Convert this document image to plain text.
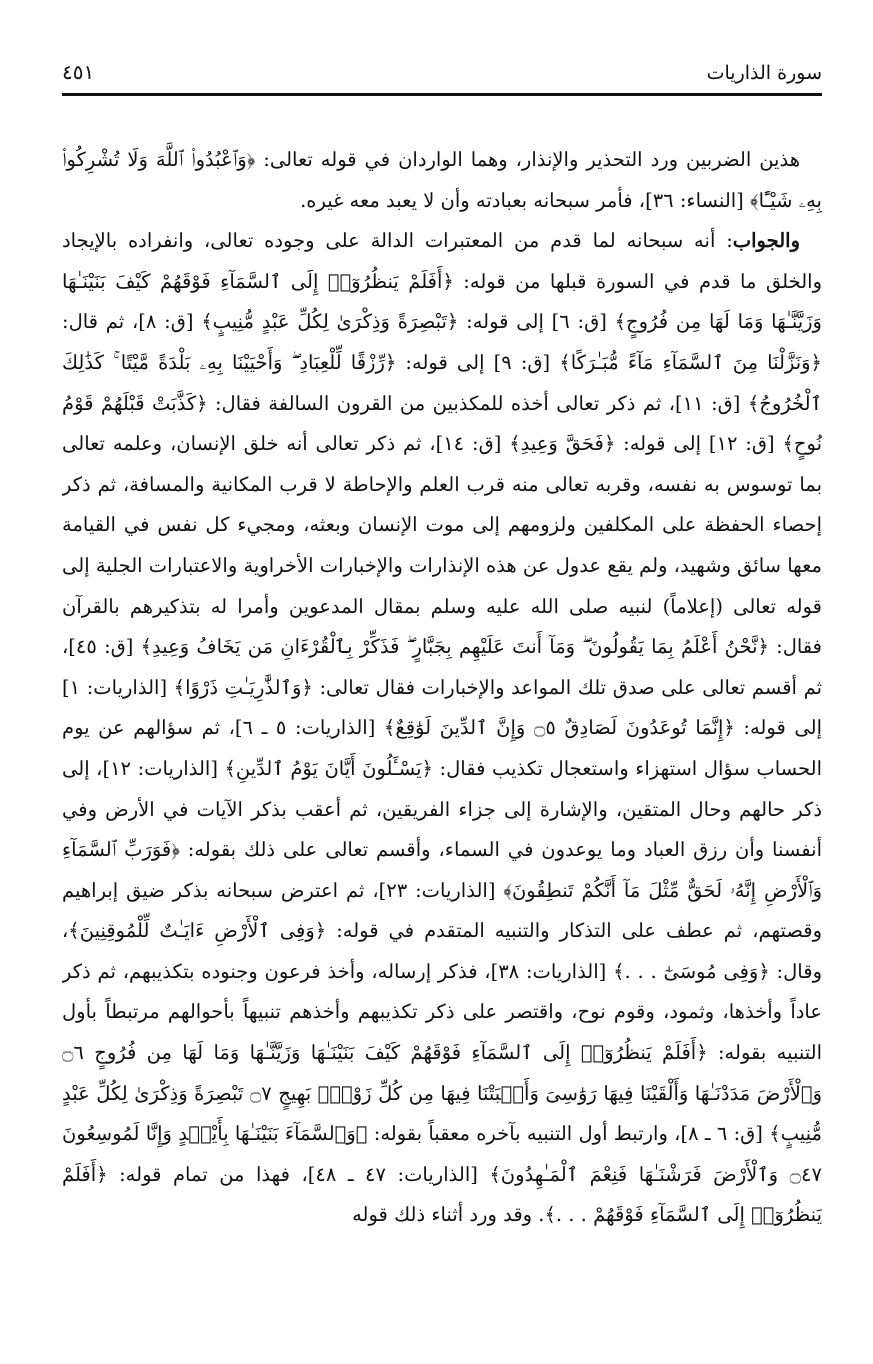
سورة الذاريات
٤٥١

هذين الضربين ورد التحذير والإنذار، وهما الواردان في قوله تعالى: ﴿وَٱعْبُدُوا۟ ٱللَّهَ وَلَا تُشْرِكُوا۟ بِهِۦ شَيْـًٔا﴾ [النساء: ٣٦]، فأمر سبحانه بعبادته وأن لا يعبد معه غيره.

والجواب: أنه سبحانه لما قدم من المعتبرات الدالة على وجوده تعالى، وانفراده بالإيجاد والخلق ما قدم في السورة قبلها من قوله: ﴿أَفَلَمْ يَنظُرُوٓا۟ إِلَى ٱلسَّمَآءِ فَوْقَهُمْ كَيْفَ بَنَيْنَـٰهَا وَزَيَّنَّـٰهَا وَمَا لَهَا مِن فُرُوجٍ﴾ [ق: ٦] إلى قوله: ﴿تَبْصِرَةً وَذِكْرَىٰ لِكُلِّ عَبْدٍ مُّنِيبٍ﴾ [ق: ٨]، ثم قال: ﴿وَنَزَّلْنَا مِنَ ٱلسَّمَآءِ مَآءً مُّبَـٰرَكًا﴾ [ق: ٩] إلى قوله: ﴿رِّزْقًا لِّلْعِبَادِ ۖ وَأَحْيَيْنَا بِهِۦ بَلْدَةً مَّيْتًا ۚ كَذَٰلِكَ ٱلْخُرُوجُ﴾ [ق: ١١]، ثم ذكر تعالى أخذه للمكذبين من القرون السالفة فقال: ﴿كَذَّبَتْ قَبْلَهُمْ قَوْمُ نُوحٍ﴾ [ق: ١٢] إلى قوله: ﴿فَحَقَّ وَعِيدِ﴾ [ق: ١٤]، ثم ذكر تعالى أنه خلق الإنسان، وعلمه تعالى بما توسوس به نفسه، وقربه تعالى منه قرب العلم والإحاطة لا قرب المكانية والمسافة، ثم ذكر إحصاء الحفظة على المكلفين ولزومهم إلى موت الإنسان وبعثه، ومجيء كل نفس في القيامة معها سائق وشهيد، ولم يقع عدول عن هذه الإنذارات والإخبارات الأخراوية والاعتبارات الجلية إلى قوله تعالى (إعلاماً) لنبيه صلى الله عليه وسلم بمقال المدعوين وأمرا له بتذكيرهم بالقرآن فقال: ﴿نَّحْنُ أَعْلَمُ بِمَا يَقُولُونَ ۖ وَمَآ أَنتَ عَلَيْهِم بِجَبَّارٍ ۖ فَذَكِّرْ بِٱلْقُرْءَانِ مَن يَخَافُ وَعِيدِ﴾ [ق: ٤٥]، ثم أقسم تعالى على صدق تلك المواعد والإخبارات فقال تعالى: ﴿وَٱلذَّٰرِيَـٰتِ ذَرْوًا﴾ [الذاريات: ١] إلى قوله: ﴿إِنَّمَا تُوعَدُونَ لَصَادِقٌ ۝٥ وَإِنَّ ٱلدِّينَ لَوَٰقِعٌ﴾ [الذاريات: ٥ ـ ٦]، ثم سؤالهم عن يوم الحساب سؤال استهزاء واستعجال تكذيب فقال: ﴿يَسْـَٔلُونَ أَيَّانَ يَوْمُ ٱلدِّينِ﴾ [الذاريات: ١٢]، إلى ذكر حالهم وحال المتقين، والإشارة إلى جزاء الفريقين، ثم أعقب بذكر الآيات في الأرض وفي أنفسنا وأن رزق العباد وما يوعدون في السماء، وأقسم تعالى على ذلك بقوله: ﴿فَوَرَبِّ ٱلسَّمَآءِ وَٱلْأَرْضِ إِنَّهُۥ لَحَقٌّ مِّثْلَ مَآ أَنَّكُمْ تَنطِقُونَ﴾ [الذاريات: ٢٣]، ثم اعترض سبحانه بذكر ضيق إبراهيم وقصتهم، ثم عطف على التذكار والتنبيه المتقدم في قوله: ﴿وَفِى ٱلْأَرْضِ ءَايَـٰتٌ لِّلْمُوقِنِينَ﴾، وقال: ﴿وَفِى مُوسَىٰٓ . . .﴾ [الذاريات: ٣٨]، فذكر إرساله، وأخذ فرعون وجنوده بتكذيبهم، ثم ذكر عاداً وأخذها، وثمود، وقوم نوح، واقتصر على ذكر تكذيبهم وأخذهم تنبيهاً بأحوالهم مرتبطاً بأول التنبيه بقوله: ﴿أَفَلَمْ يَنظُرُوٓا۟ إِلَى ٱلسَّمَآءِ فَوْقَهُمْ كَيْفَ بَنَيْنَـٰهَا وَزَيَّنَّـٰهَا وَمَا لَهَا مِن فُرُوجٍ ۝٦ وَٱلْأَرْضَ مَدَدْنَـٰهَا وَأَلْقَيْنَا فِيهَا رَوَٰسِىَ وَأَنۢبَتْنَا فِيهَا مِن كُلِّ زَوْجٍۭ بَهِيجٍ ۝٧ تَبْصِرَةً وَذِكْرَىٰ لِكُلِّ عَبْدٍ مُّنِيبٍ﴾ [ق: ٦ ـ ٨]، وارتبط أول التنبيه بآخره معقباً بقوله: ﴿وَٱلسَّمَآءَ بَنَيْنَـٰهَا بِأَيْي۟دٍ وَإِنَّا لَمُوسِعُونَ ۝٤٧ وَٱلْأَرْضَ فَرَشْنَـٰهَا فَنِعْمَ ٱلْمَـٰهِدُونَ﴾ [الذاريات: ٤٧ ـ ٤٨]، فهذا من تمام قوله: ﴿أَفَلَمْ يَنظُرُوٓا۟ إِلَى ٱلسَّمَآءِ فَوْقَهُمْ . . .﴾. وقد ورد أثناء ذلك قوله
